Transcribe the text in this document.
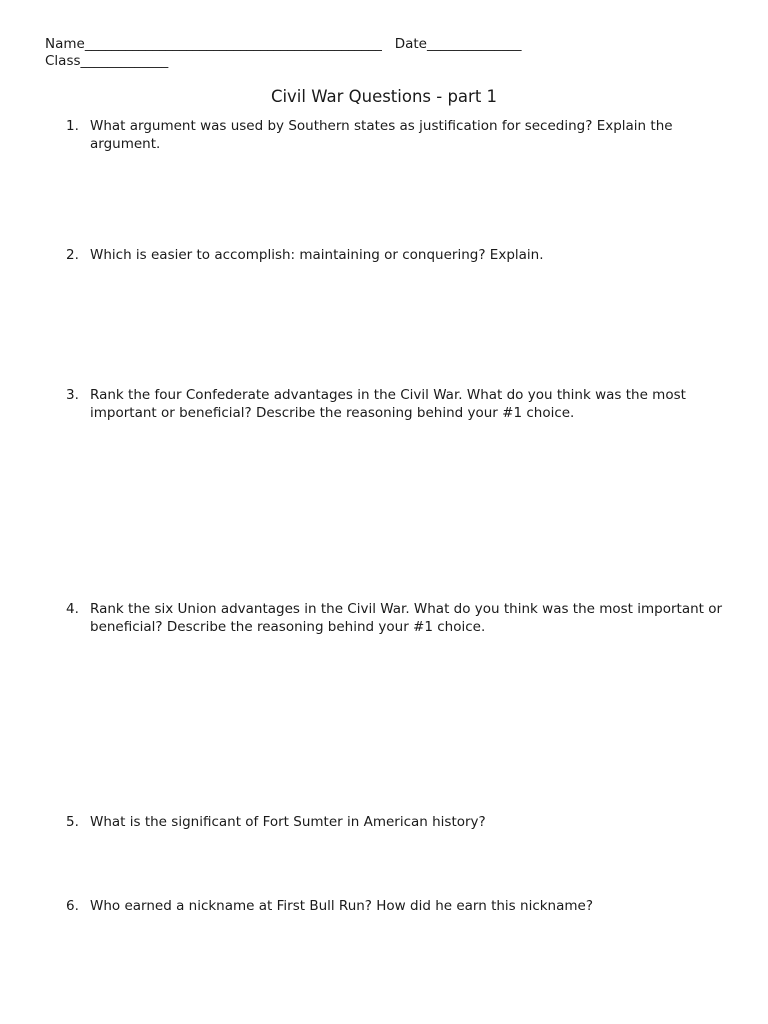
Name____________________________________________   Date______________
Class_____________
Civil War Questions - part 1
1. What argument was used by Southern states as justification for seceding? Explain the argument.
2. Which is easier to accomplish: maintaining or conquering? Explain.
3. Rank the four Confederate advantages in the Civil War. What do you think was the most important or beneficial? Describe the reasoning behind your #1 choice.
4. Rank the six Union advantages in the Civil War. What do you think was the most important or beneficial? Describe the reasoning behind your #1 choice.
5. What is the significant of Fort Sumter in American history?
6. Who earned a nickname at First Bull Run? How did he earn this nickname?
